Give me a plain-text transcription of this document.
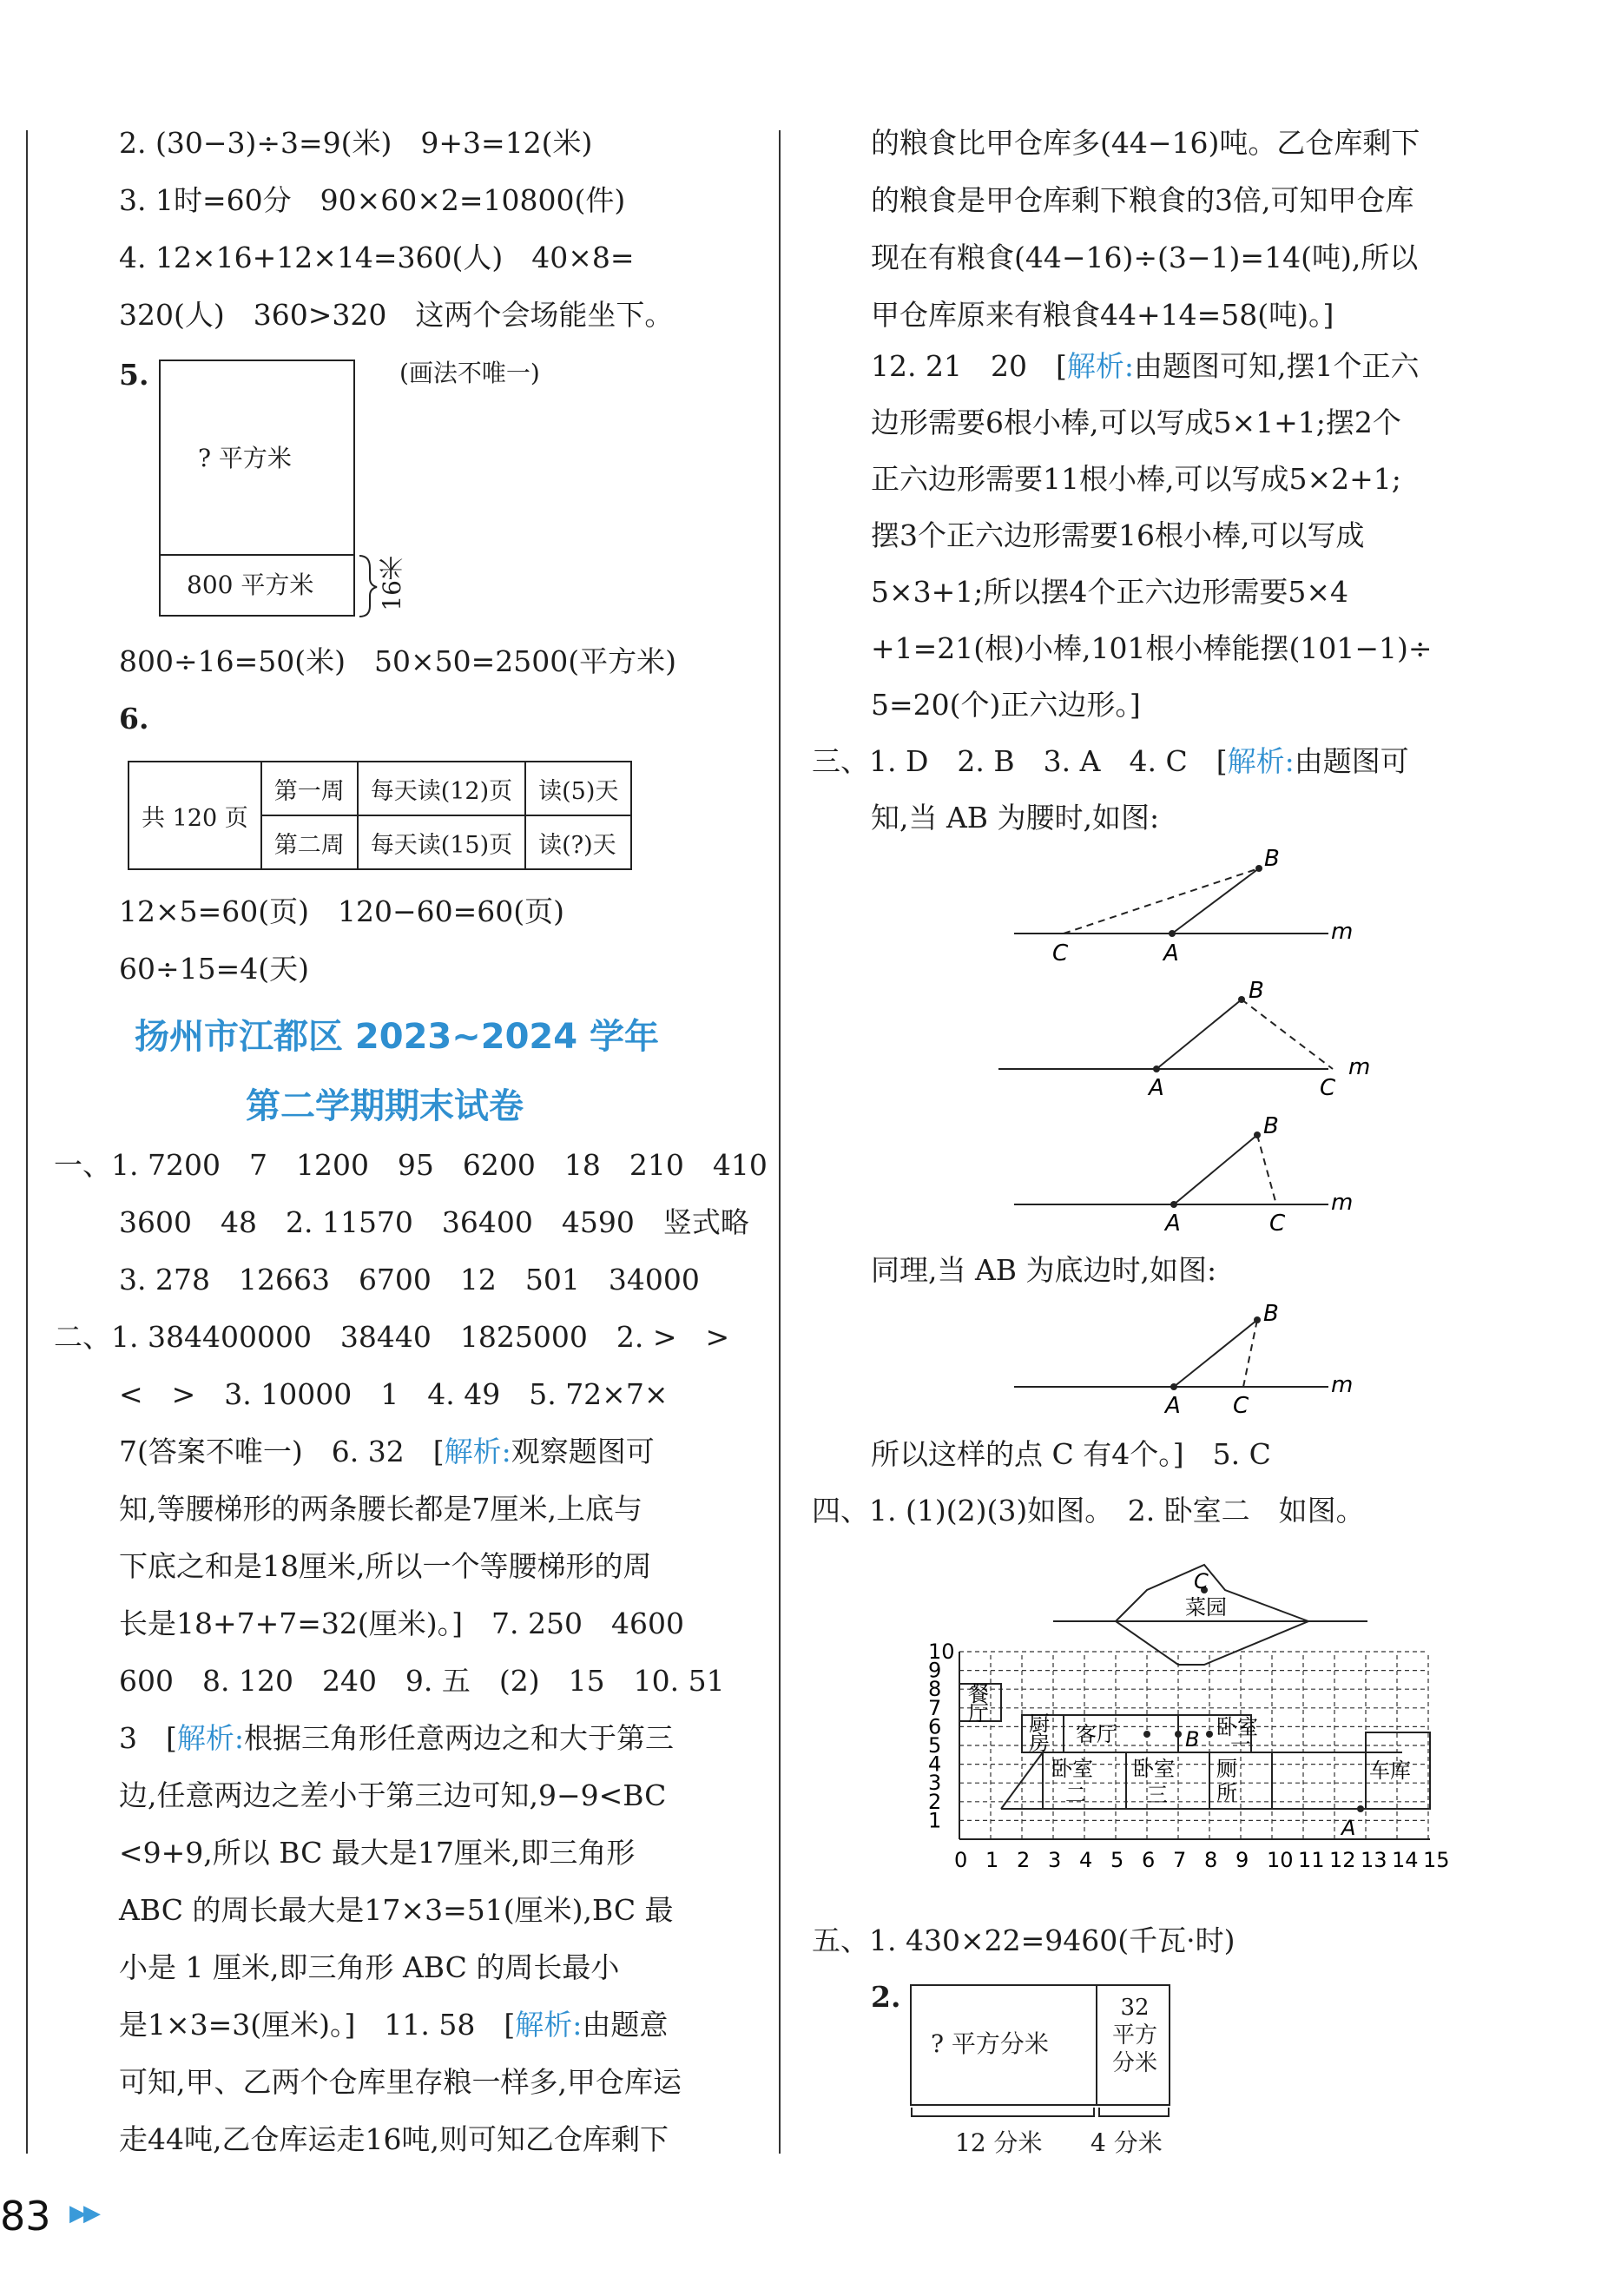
2. (30−3)÷3=9(米)　9+3=12(米)
3. 1时=60分　90×60×2=10800(件)
4. 12×16+12×14=360(人)　40×8=
320(人)　360>320　这两个会场能坐下。
5.	(画法不唯一)
? 平方米
800 平方米	16米
800÷16=50(米)　50×50=2500(平方米)
6.
共 120 页	第一周	每天读(12)页	读(5)天
	第二周	每天读(15)页	读(?)天
12×5=60(页)　120−60=60(页)
60÷15=4(天)
扬州市江都区 2023~2024 学年
第二学期期末试卷
一、1. 7200　7　1200　95　6200　18　210　410
3600　48　2. 11570　36400　4590　竖式略
3. 278　12663　6700　12　501　34000
二、1. 384400000　38440　1825000　2. >　>
<　>　3. 10000　1　4. 49　5. 72×7×
7(答案不唯一)　6. 32　[解析:观察题图可
知,等腰梯形的两条腰长都是7厘米,上底与
下底之和是18厘米,所以一个等腰梯形的周
长是18+7+7=32(厘米)。]　7. 250　4600
600　8. 120　240　9. 五　(2)　15　10. 51
3　[解析:根据三角形任意两边之和大于第三
边,任意两边之差小于第三边可知,9−9<BC
<9+9,所以 BC 最大是17厘米,即三角形
ABC 的周长最大是17×3=51(厘米),BC 最
小是 1 厘米,即三角形 ABC 的周长最小
是1×3=3(厘米)。]　11. 58　[解析:由题意
可知,甲、乙两个仓库里存粮一样多,甲仓库运
走44吨,乙仓库运走16吨,则可知乙仓库剩下
的粮食比甲仓库多(44−16)吨。乙仓库剩下
的粮食是甲仓库剩下粮食的3倍,可知甲仓库
现在有粮食(44−16)÷(3−1)=14(吨),所以
甲仓库原来有粮食44+14=58(吨)。]
12. 21　20　[解析:由题图可知,摆1个正六
边形需要6根小棒,可以写成5×1+1;摆2个
正六边形需要11根小棒,可以写成5×2+1;
摆3个正六边形需要16根小棒,可以写成
5×3+1;所以摆4个正六边形需要5×4
+1=21(根)小棒,101根小棒能摆(101−1)÷
5=20(个)正六边形。]
三、1. D　2. B　3. A　4. C　[解析:由题图可
知,当 AB 为腰时,如图:
B
C	A
m
B
A	C
m
B
A	C
m
B
A C
m
同理,当 AB 为底边时,如图:
所以这样的点 C 有4个。]　5. C
四、1. (1)(2)(3)如图。　2. 卧室二　如图。
C
B
A
菜园
餐厅 厨房 客厅	卧室一
卧室二
卧室三
厕所
车库
1
2
3
4
5
6
7
8
9
10
0 1 2 3 4 5 6 7 8 9 10 11 12 13 14 15
五、1. 430×22=9460(千瓦·时)
2.
? 平方分米
32
平方
分米
12 分米 4 分米
83 ▶▶
